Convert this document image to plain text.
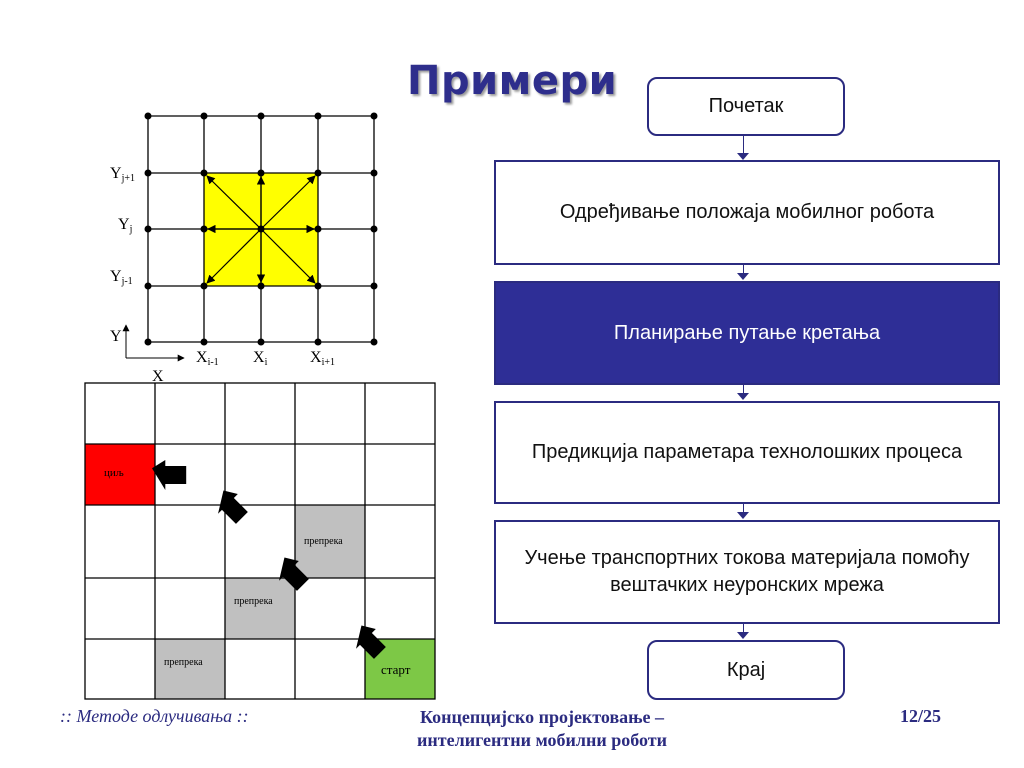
Примери
Yj+1
Yj
Yj-1
Y
X
Xi-1 Xi	Xi+1
циљ
препрека
препрека
препрека	старт
Почетак
Одређивање положаја мобилног робота
Планирање путање кретања
Предикција параметара технолошких процеса
Учење транспортних токова материјала помоћу вештачких неуронских мрежа
Крај
:: Методе одлучивања ::	Концепцијско пројектовање – интелигентни мобилни роботи
12/25
